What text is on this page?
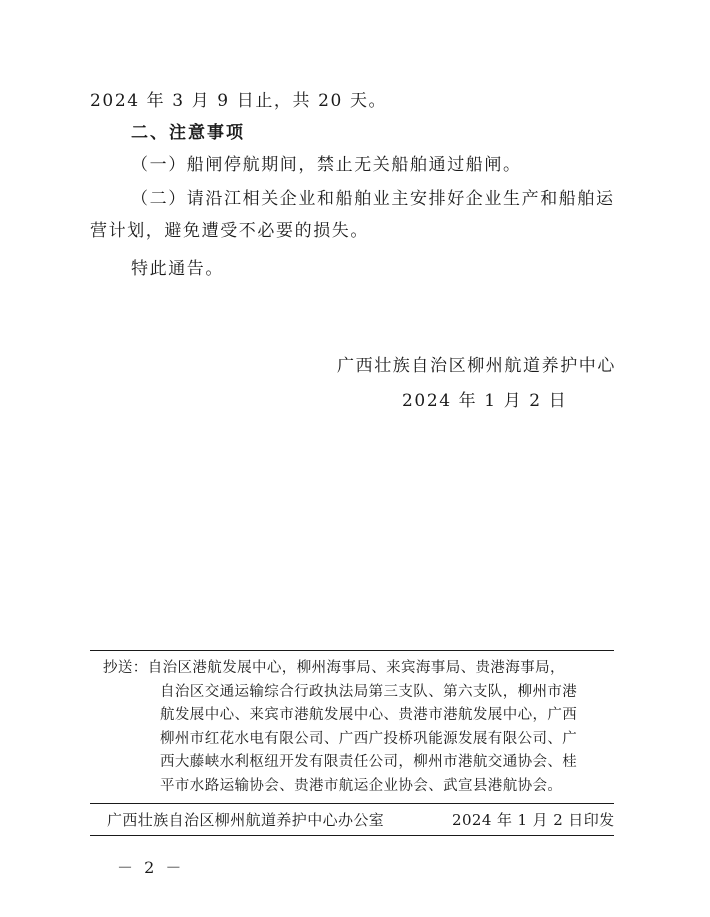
2024 年 3 月 9 日止，共 20 天。
二、注意事项
（一）船闸停航期间，禁止无关船舶通过船闸。
（二）请沿江相关企业和船舶业主安排好企业生产和船舶运
营计划，避免遭受不必要的损失。
特此通告。
广西壮族自治区柳州航道养护中心
2024 年 1 月 2 日
抄送：自治区港航发展中心，柳州海事局、来宾海事局、贵港海事局，
自治区交通运输综合行政执法局第三支队、第六支队，柳州市港
航发展中心、来宾市港航发展中心、贵港市港航发展中心，广西
柳州市红花水电有限公司、广西广投桥巩能源发展有限公司、广
西大藤峡水利枢纽开发有限责任公司，柳州市港航交通协会、桂
平市水路运输协会、贵港市航运企业协会、武宣县港航协会。
广西壮族自治区柳州航道养护中心办公室	2024 年 1 月 2 日印发
－ 2 －
